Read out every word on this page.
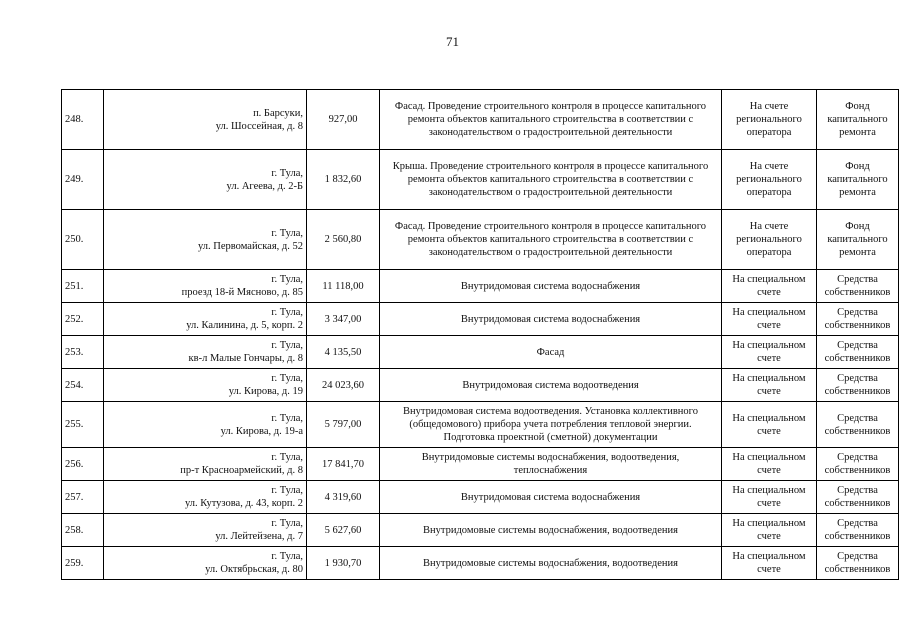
71
248.	п. Барсуки,
ул. Шоссейная, д. 8	927,00	Фасад. Проведение строительного контроля в процессе капитального ремонта объектов капитального строительства в соответствии с законодательством о градостроительной деятельности	На счете
регионального
оператора	Фонд
капитального
ремонта

249.	г. Тула,
ул. Агеева, д. 2-Б	1 832,60	Крыша. Проведение строительного контроля в процессе капитального ремонта объектов капитального строительства в соответствии с законодательством о градостроительной деятельности	На счете
регионального
оператора	Фонд
капитального
ремонта

250.	г. Тула,
ул. Первомайская, д. 52	2 560,80	Фасад. Проведение строительного контроля в процессе капитального ремонта объектов капитального строительства в соответствии с законодательством о градостроительной деятельности	На счете
регионального
оператора	Фонд
капитального
ремонта

251.	г. Тула,
проезд 18-й Мясново, д. 85	11 118,00	Внутридомовая система водоснабжения	На специальном
счете	Средства
собственников

252.	г. Тула,
ул. Калинина, д. 5, корп. 2	3 347,00	Внутридомовая система водоснабжения	На специальном
счете	Средства
собственников

253.	г. Тула,
кв-л Малые Гончары, д. 8	4 135,50	Фасад	На специальном
счете	Средства
собственников

254.	г. Тула,
ул. Кирова, д. 19	24 023,60	Внутридомовая система водоотведения	На специальном
счете	Средства
собственников

255.	г. Тула,
ул. Кирова, д. 19-а	5 797,00	Внутридомовая система водоотведения. Установка коллективного (общедомового) прибора учета потребления тепловой энергии. Подготовка проектной (сметной) документации	На специальном
счете	Средства
собственников

256.	г. Тула,
пр-т Красноармейский, д. 8	17 841,70	Внутридомовые системы водоснабжения, водоотведения, теплоснабжения	На специальном
счете	Средства
собственников

257.	г. Тула,
ул. Кутузова, д. 43, корп. 2	4 319,60	Внутридомовая система водоснабжения	На специальном
счете	Средства
собственников

258.	г. Тула,
ул. Лейтейзена, д. 7	5 627,60	Внутридомовые системы водоснабжения, водоотведения	На специальном
счете	Средства
собственников

259.	г. Тула,
ул. Октябрьская, д. 80	1 930,70	Внутридомовые системы водоснабжения, водоотведения	На специальном
счете	Средства
собственников
